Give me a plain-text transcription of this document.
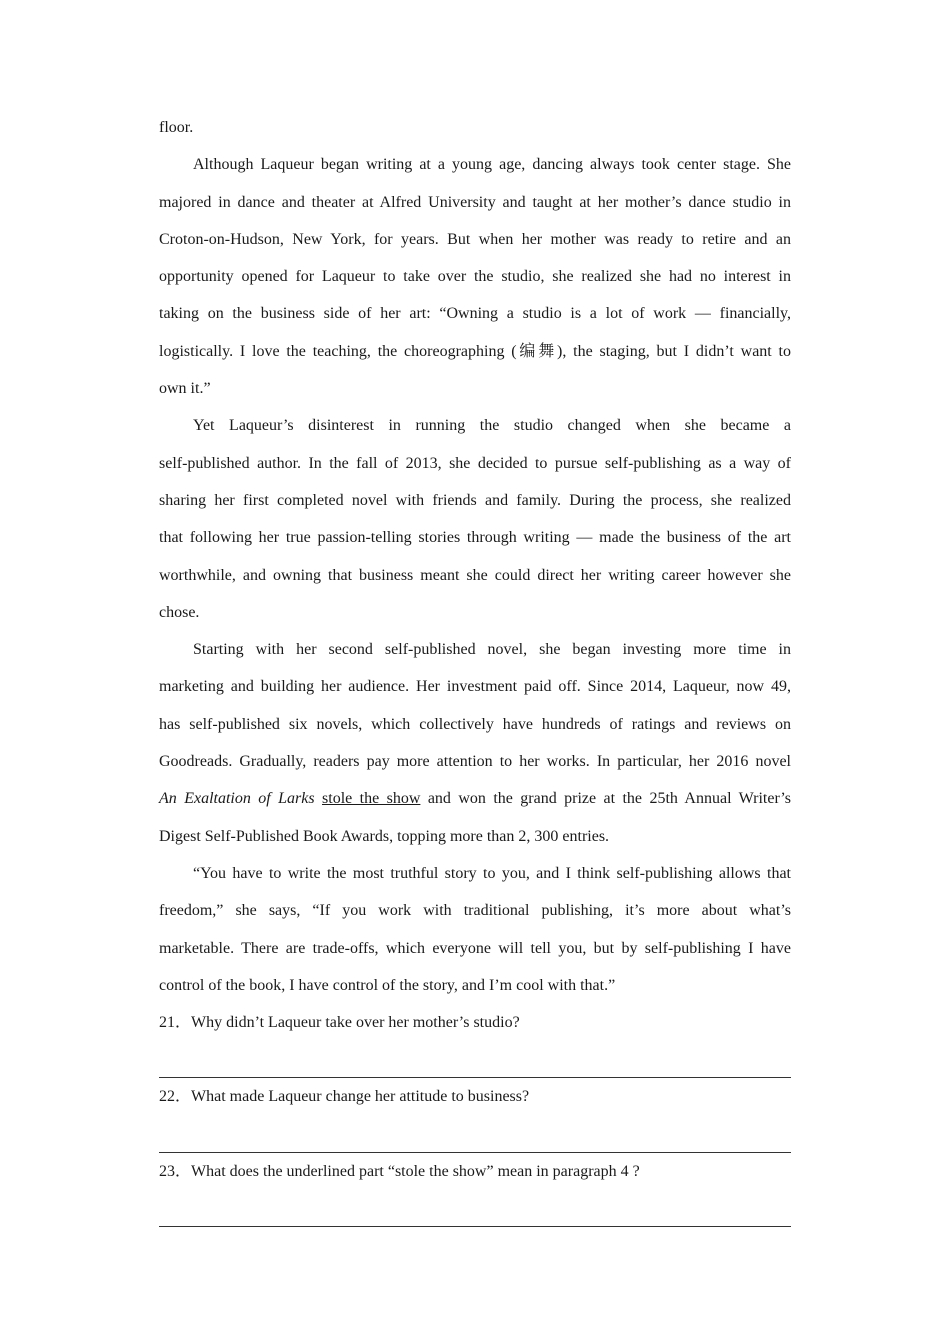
floor.
Although Laqueur began writing at a young age, dancing always took center stage. She
majored in dance and theater at Alfred University and taught at her mother’s dance studio in
Croton-on-Hudson, New York, for years. But when her mother was ready to retire and an
opportunity opened for Laqueur to take over the studio, she realized she had no interest in
taking on the business side of her art: “Owning a studio is a lot of work — financially,
logistically. I love the teaching, the choreographing (编舞), the staging, but I didn’t want to
own it.”
Yet Laqueur’s disinterest in running the studio changed when she became a
self-published author. In the fall of 2013, she decided to pursue self-publishing as a way of
sharing her first completed novel with friends and family. During the process, she realized
that following her true passion-telling stories through writing — made the business of the art
worthwhile, and owning that business meant she could direct her writing career however she
chose.
Starting with her second self-published novel, she began investing more time in
marketing and building her audience. Her investment paid off. Since 2014, Laqueur, now 49,
has self-published six novels, which collectively have hundreds of ratings and reviews on
Goodreads. Gradually, readers pay more attention to her works. In particular, her 2016 novel
An Exaltation of Larks stole the show and won the grand prize at the 25th Annual Writer’s
Digest Self-Published Book Awards, topping more than 2, 300 entries.
“You have to write the most truthful story to you, and I think self-publishing allows that
freedom,” she says, “If you work with traditional publishing, it’s more about what’s
marketable. There are trade-offs, which everyone will tell you, but by self-publishing I have
control of the book, I have control of the story, and I’m cool with that.”
21．Why didn’t Laqueur take over her mother’s studio?
22．What made Laqueur change her attitude to business?
23．What does the underlined part “stole the show” mean in paragraph 4 ?
